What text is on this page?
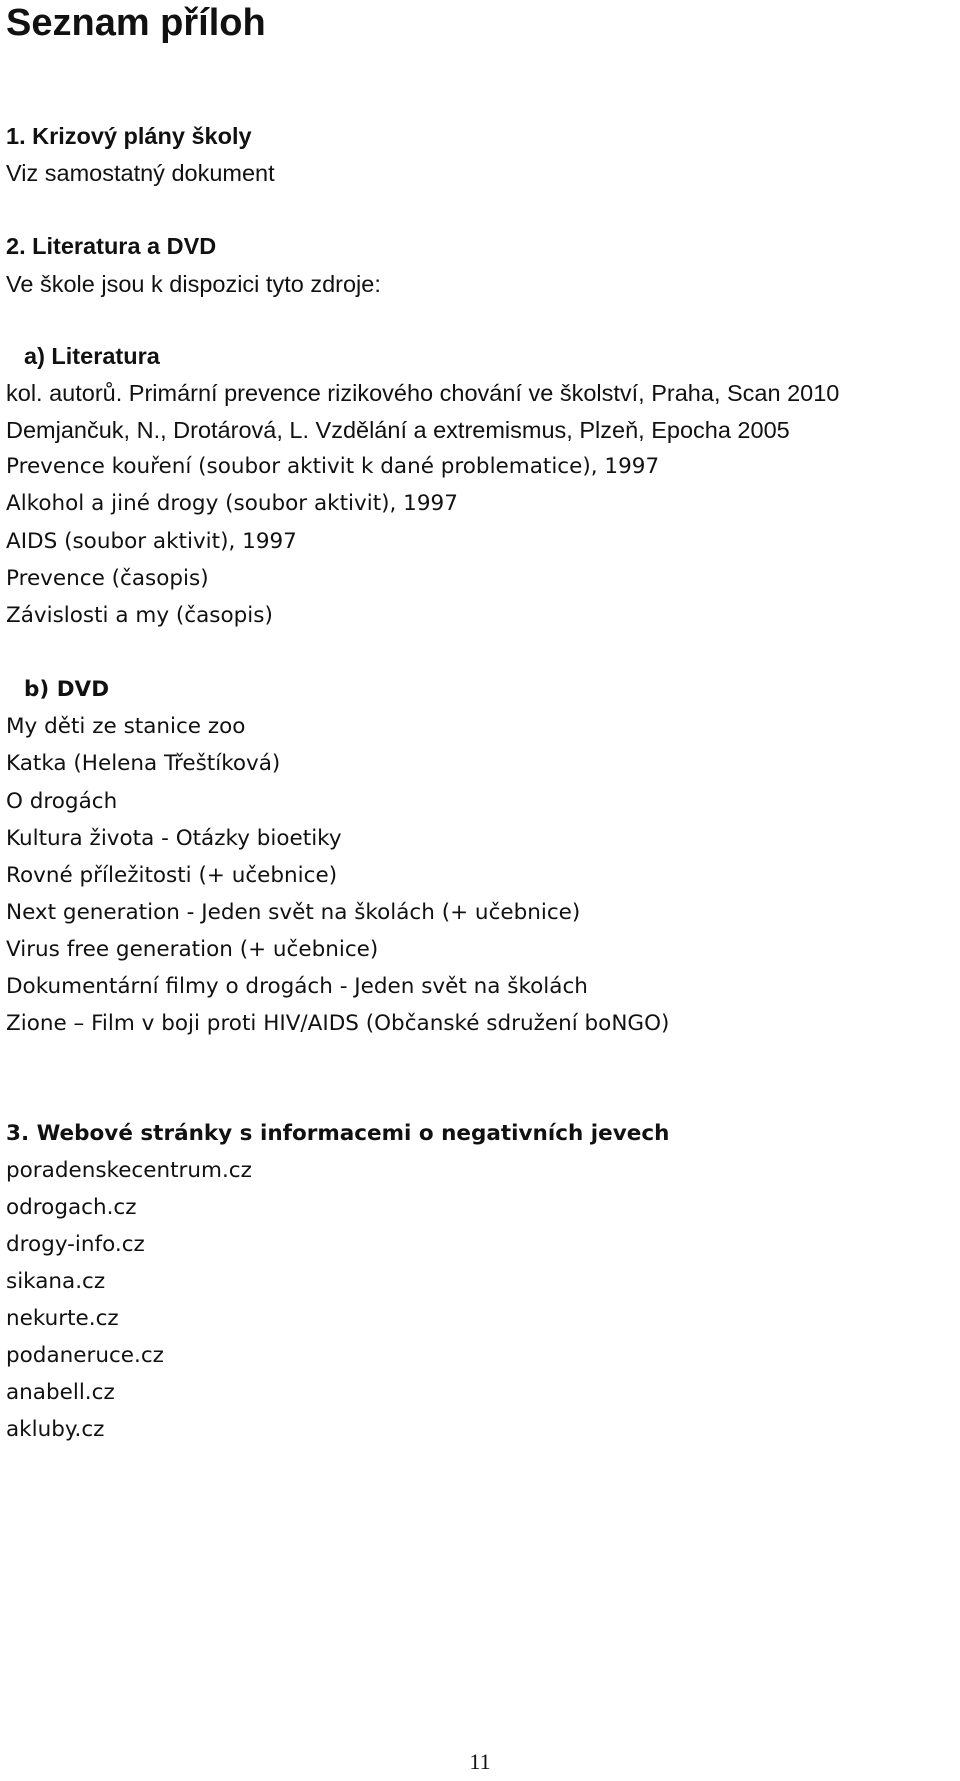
Seznam příloh

1. Krizový plány školy

Viz samostatný dokument

2. Literatura a DVD

Ve škole jsou k dispozici tyto zdroje:

a) Literatura

kol. autorů. Primární prevence rizikového chování ve školství, Praha, Scan 2010

Demjančuk, N., Drotárová, L. Vzdělání a extremismus, Plzeň, Epocha 2005

Prevence kouření (soubor aktivit k dané problematice), 1997

Alkohol a jiné drogy (soubor aktivit), 1997

AIDS (soubor aktivit), 1997

Prevence (časopis)

Závislosti a my (časopis)

b) DVD

My děti ze stanice zoo

Katka (Helena Třeštíková)

O drogách

Kultura života - Otázky bioetiky

Rovné příležitosti (+ učebnice)

Next generation - Jeden svět na školách (+ učebnice)

Virus free generation (+ učebnice)

Dokumentární filmy o drogách - Jeden svět na školách

Zione – Film v boji proti HIV/AIDS (Občanské sdružení boNGO)

3. Webové stránky s informacemi o negativních jevech

poradenskecentrum.cz

odrogach.cz

drogy-info.cz

sikana.cz

nekurte.cz

podaneruce.cz

anabell.cz

akluby.cz

11
